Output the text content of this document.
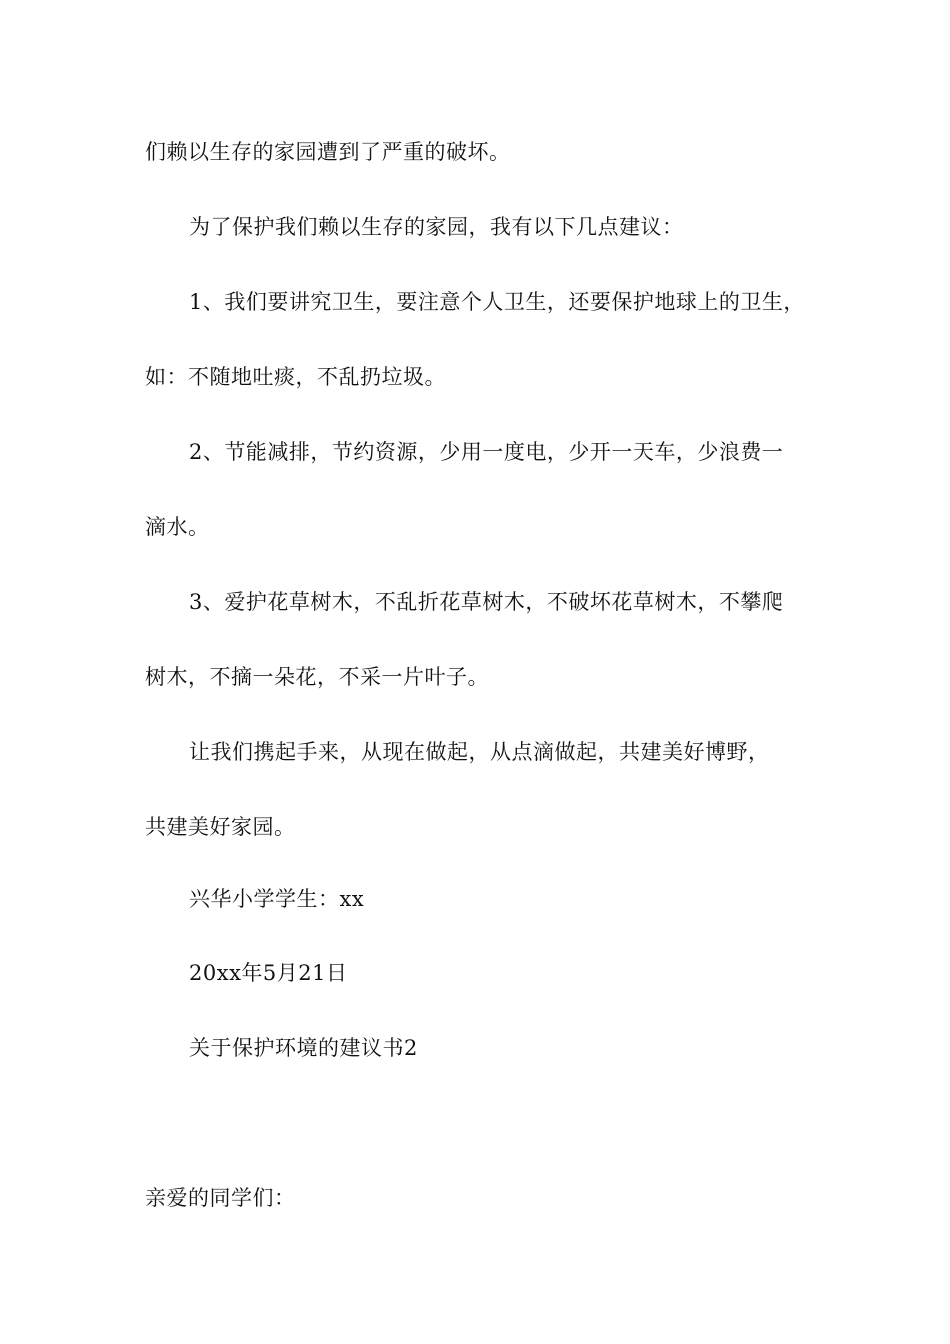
们赖以生存的家园遭到了严重的破坏。
为了保护我们赖以生存的家园，我有以下几点建议：
1、我们要讲究卫生，要注意个人卫生，还要保护地球上的卫生，
如：不随地吐痰，不乱扔垃圾。
2、节能减排，节约资源，少用一度电，少开一天车，少浪费一
滴水。
3、爱护花草树木，不乱折花草树木，不破坏花草树木，不攀爬
树木，不摘一朵花，不采一片叶子。
让我们携起手来，从现在做起，从点滴做起，共建美好博野，
共建美好家园。
兴华小学学生：xx
20xx年5月21日
关于保护环境的建议书2
亲爱的同学们：
